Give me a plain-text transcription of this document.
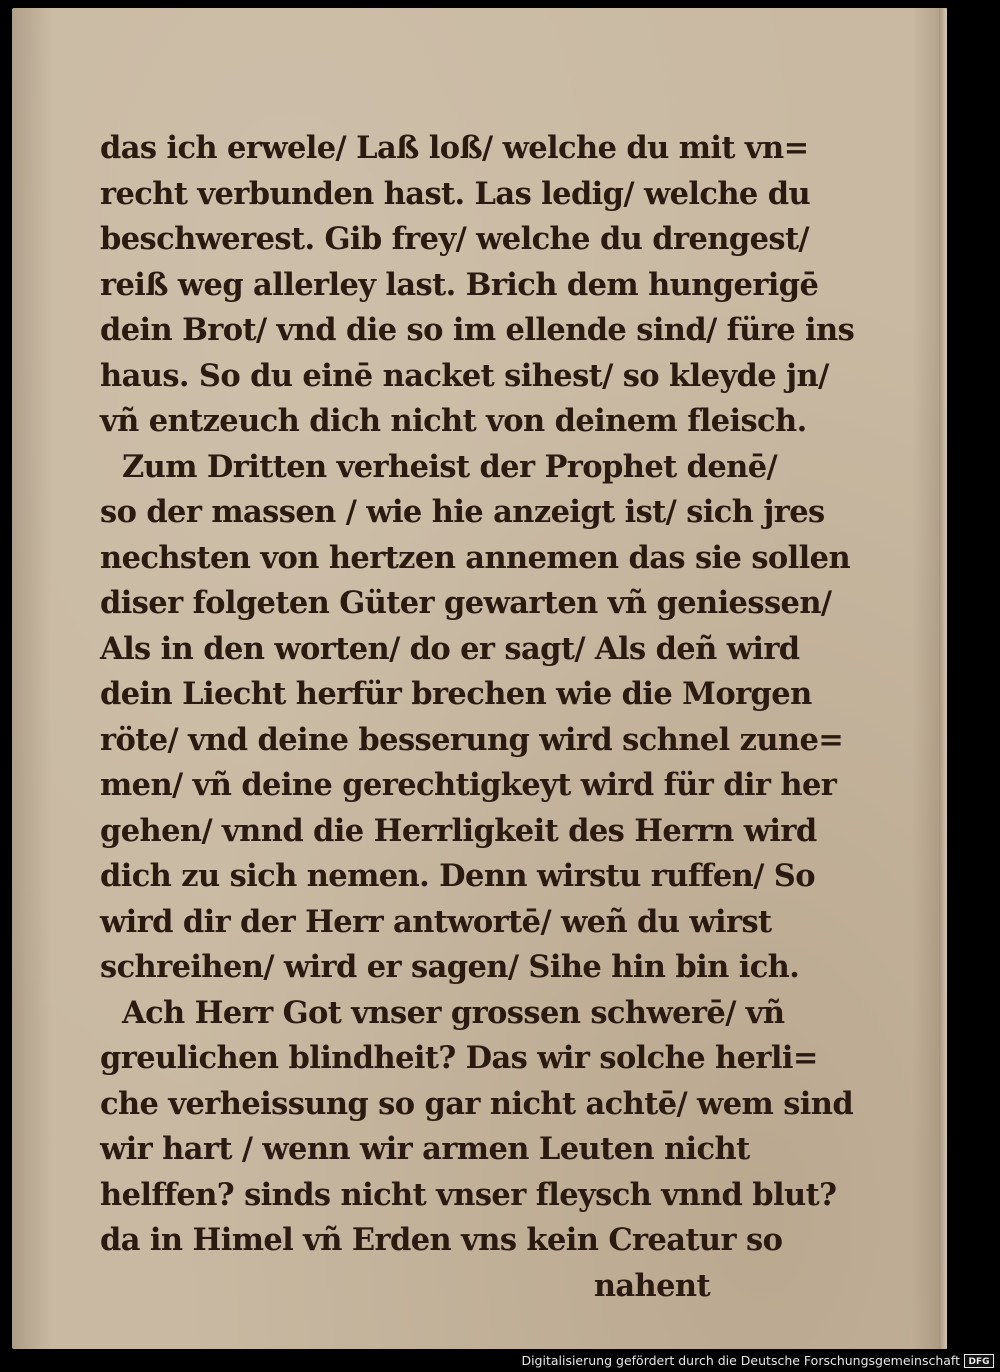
das ich erwele/ Laß loß/ welche du mit vn=
recht verbunden hast. Las ledig/ welche du
beschwerest. Gib frey/ welche du drengest/
reiß weg allerley last. Brich dem hungerigē
dein Brot/ vnd die so im ellende sind/ füre ins
haus. So du einē nacket sihest/ so kleyde jn/
vñ entzeuch dich nicht von deinem fleisch.
Zum Dritten verheist der Prophet denē/
so der massen / wie hie anzeigt ist/ sich jres
nechsten von hertzen annemen das sie sollen
diser folgeten Güter gewarten vñ geniessen/
Als in den worten/ do er sagt/ Als deñ wird
dein Liecht herfür brechen wie die Morgen
röte/ vnd deine besserung wird schnel zune=
men/ vñ deine gerechtigkeyt wird für dir her
gehen/ vnnd die Herrligkeit des Herrn wird
dich zu sich nemen. Denn wirstu ruffen/ So
wird dir der Herr antwortē/ weñ du wirst
schreihen/ wird er sagen/ Sihe hin bin ich.
Ach Herr Got vnser grossen schwerē/ vñ
greulichen blindheit? Das wir solche herli=
che verheissung so gar nicht achtē/ wem sind
wir hart / wenn wir armen Leuten nicht
helffen? sinds nicht vnser fleysch vnnd blut?
da in Himel vñ Erden vns kein Creatur so
nahent
Digitalisierung gefördert durch die Deutsche Forschungsgemeinschaft DFG
